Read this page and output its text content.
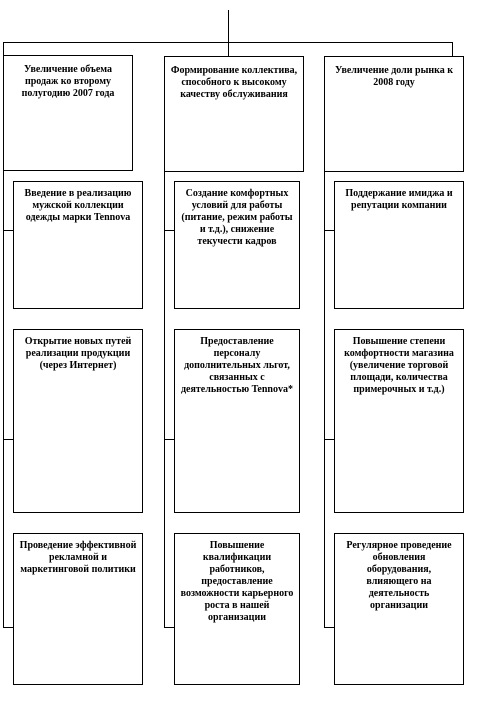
Увеличение объема продаж ко второму полугодию 2007 года
Формирование коллектива, способного к высокому качеству обслуживания
Увеличение доли рынка к 2008 году
Введение в реализацию мужской коллекции одежды марки Tennova
Открытие новых путей реализации продукции (через Интернет)
Проведение эффективной рекламной и маркетинговой политики
Создание комфортных условий для работы (питание, режим работы и т.д.), снижение текучести кадров
Предоставление персоналу дополнительных льгот, связанных с деятельностью Tennova*
Повышение квалификации работников, предоставление возможности карьерного роста в нашей организации
Поддержание имиджа и репутации компании
Повышение степени комфортности магазина (увеличение торговой площади, количества примерочных и т.д.)
Регулярное проведение обновления оборудования, влияющего на деятельность организации
